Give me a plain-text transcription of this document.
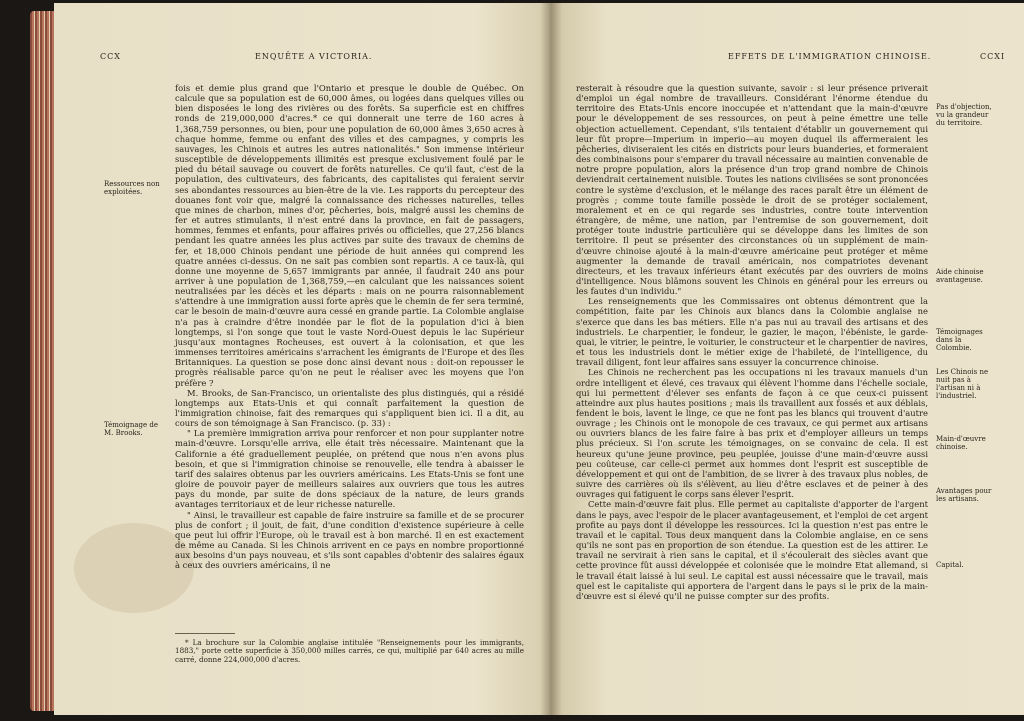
CCX	ENQUÊTE A VICTORIA.
Ressources non exploitées.
Témoignage de M. Brooks.

fois et demie plus grand que l'Ontario et presque le double de Québec. On calcule que sa population est de 60,000 âmes, ou logées dans quelques villes ou bien disposées le long des rivières ou des forêts. Sa superficie est en chiffres ronds de 219,000,000 d'acres.* ce qui donnerait une terre de 160 acres à 1,368,759 personnes, ou bien, pour une population de 60,000 âmes 3,650 acres à chaque homme, femme ou enfant des villes et des campagnes, y compris les sauvages, les Chinois et autres les autres nationalités." Son immense intérieur susceptible de développements illimités est presque exclusivement foulé par le pied du bétail sauvage ou couvert de forêts naturelles. Ce qu'il faut, c'est de la population, des cultivateurs, des fabricants, des capitalistes qui feraient servir ses abondantes ressources au bien-être de la vie. Les rapports du percepteur des douanes font voir que, malgré la connaissance des richesses naturelles, telles que mines de charbon, mines d'or, pêcheries, bois, malgré aussi les chemins de fer et autres stimulants, il n'est entré dans la province, en fait de passagers, hommes, femmes et enfants, pour affaires privés ou officielles, que 27,256 blancs pendant les quatre années les plus actives par suite des travaux de chemins de fer, et 18,000 Chinois pendant une période de huit années qui comprend les quatre années ci-dessus. On ne sait pas combien sont repartis. A ce taux-là, qui donne une moyenne de 5,657 immigrants par année, il faudrait 240 ans pour arriver à une population de 1,368,759,—en calculant que les naissances soient neutralisées par les décès et les départs : mais on ne pourra raisonnablement s'attendre à une immigration aussi forte après que le chemin de fer sera terminé, car le besoin de main-d'œuvre aura cessé en grande partie. La Colombie anglaise n'a pas à craindre d'être inondée par le flot de la population d'ici à bien longtemps, si l'on songe que tout le vaste Nord-Ouest depuis le lac Supérieur jusqu'aux montagnes Rocheuses, est ouvert à la colonisation, et que les immenses territoires américains s'arrachent les émigrants de l'Europe et des îles Britanniques. La question se pose donc ainsi devant nous : doit-on repousser le progrès réalisable parce qu'on ne peut le réaliser avec les moyens que l'on préfère ?

M. Brooks, de San-Francisco, un orientaliste des plus distingués, qui a résidé longtemps aux Etats-Unis et qui connaît parfaitement la question de l'immigration chinoise, fait des remarques qui s'appliquent bien ici. Il a dit, au cours de son témoignage à San Francisco. (p. 33) :

" La première immigration arriva pour renforcer et non pour supplanter notre main-d'œuvre. Lorsqu'elle arriva, elle était très nécessaire. Maintenant que la Californie a été graduellement peuplée, on prétend que nous n'en avons plus besoin, et que si l'immigration chinoise se renouvelle, elle tendra à abaisser le tarif des salaires obtenus par les ouvriers américains. Les Etats-Unis se font une gloire de pouvoir payer de meilleurs salaires aux ouvriers que tous les autres pays du monde, par suite de dons spéciaux de la nature, de leurs grands avantages territoriaux et de leur richesse naturelle.

" Ainsi, le travailleur est capable de faire instruire sa famille et de se procurer plus de confort ; il jouit, de fait, d'une condition d'existence supérieure à celle que peut lui offrir l'Europe, où le travail est à bon marché. Il en est exactement de même au Canada. Si les Chinois arrivent en ce pays en nombre proportionné aux besoins d'un pays nouveau, et s'ils sont capables d'obtenir des salaires égaux à ceux des ouvriers américains, il ne

* La brochure sur la Colombie anglaise intitulée "Renseignements pour les immigrants, 1883," porte cette superficie à 350,000 milles carrés, ce qui, multiplié par 640 acres au mille carré, donne 224,000,000 d'acres.

EFFETS DE L'IMMIGRATION CHINOISE.	CCXI

resterait à résoudre que la question suivante, savoir : si leur présence priverait d'emploi un égal nombre de travailleurs. Considérant l'énorme étendue du territoire des Etats-Unis encore inoccupée et n'attendant que la main-d'œuvre pour le développement de ses ressources, on peut à peine émettre une telle objection actuellement. Cependant, s'ils tentaient d'établir un gouvernement qui leur fût propre—Imperium in imperio—au moyen duquel ils affermeraient les pêcheries, diviseraient les cités en districts pour leurs buanderies, et formeraient des combinaisons pour s'emparer du travail nécessaire au maintien convenable de notre propre population, alors la présence d'un trop grand nombre de Chinois deviendrait certainement nuisible. Toutes les nations civilisées se sont prononcées contre le système d'exclusion, et le mélange des races paraît être un élément de progrès ; comme toute famille possède le droit de se protéger socialement, moralement et en ce qui regarde ses industries, contre toute intervention étrangère, de même, une nation, par l'entremise de son gouvernement, doit protéger toute industrie particulière qui se développe dans les limites de son territoire. Il peut se présenter des circonstances où un supplément de main-d'œuvre chinoise ajouté à la main-d'œuvre américaine peut protéger et même augmenter la demande de travail américain, nos compatriotes devenant directeurs, et les travaux inférieurs étant exécutés par des ouvriers de moins d'intelligence. Nous blâmons souvent les Chinois en général pour les erreurs ou les fautes d'un individu."

Les renseignements que les Commissaires ont obtenus démontrent que la compétition, faite par les Chinois aux blancs dans la Colombie anglaise ne s'exerce que dans les bas métiers. Elle n'a pas nui au travail des artisans et des industriels. Le charpentier, le fondeur, le gazier, le maçon, l'ébéniste, le garde-quai, le vitrier, le peintre, le voiturier, le constructeur et le charpentier de navires, et tous les industriels dont le métier exige de l'habileté, de l'intelligence, du travail diligent, font leur affaires sans essuyer la concurrence chinoise.

Les Chinois ne recherchent pas les occupations ni les travaux manuels d'un ordre intelligent et élevé, ces travaux qui élèvent l'homme dans l'échelle sociale, qui lui permettent d'élever ses enfants de façon à ce que ceux-ci puissent atteindre aux plus hautes positions ; mais ils travaillent aux fossés et aux déblais, fendent le bois, lavent le linge, ce que ne font pas les blancs qui trouvent d'autre ouvrage ; les Chinois ont le monopole de ces travaux, ce qui permet aux artisans ou ouvriers blancs de les faire faire à bas prix et d'employer ailleurs un temps plus précieux. Si l'on scrute les témoignages, on se convainc de cela. Il est heureux qu'une jeune province, peu peuplée, jouisse d'une main-d'œuvre aussi peu coûteuse, car celle-ci permet aux hommes dont l'esprit est susceptible de développement et qui ont de l'ambition, de se livrer à des travaux plus nobles, de suivre des carrières où ils s'élèvent, au lieu d'être esclaves et de peiner à des ouvrages qui fatiguent le corps sans élever l'esprit.

Cette main-d'œuvre fait plus. Elle permet au capitaliste d'apporter de l'argent dans le pays, avec l'espoir de le placer avantageusement, et l'emploi de cet argent profite au pays dont il développe les ressources. Ici la question n'est pas entre le travail et le capital. Tous deux manquent dans la Colombie anglaise, en ce sens qu'ils ne sont pas en proportion de son étendue. La question est de les attirer. Le travail ne servirait à rien sans le capital, et il s'écoulerait des siècles avant que cette province fût aussi développée et colonisée que le moindre Etat allemand, si le travail était laissé à lui seul. Le capital est aussi nécessaire que le travail, mais quel est le capitaliste qui apportera de l'argent dans le pays si le prix de la main-d'œuvre est si élevé qu'il ne puisse compter sur des profits.

Pas d'objection, vu la grandeur du territoire.
Aide chinoise avantageuse.
Témoignages dans la Colombie.
Les Chinois ne nuit pas à l'artisan ni à l'industriel.
Main-d'œuvre chinoise.
Avantages pour les artisans.
Capital.
